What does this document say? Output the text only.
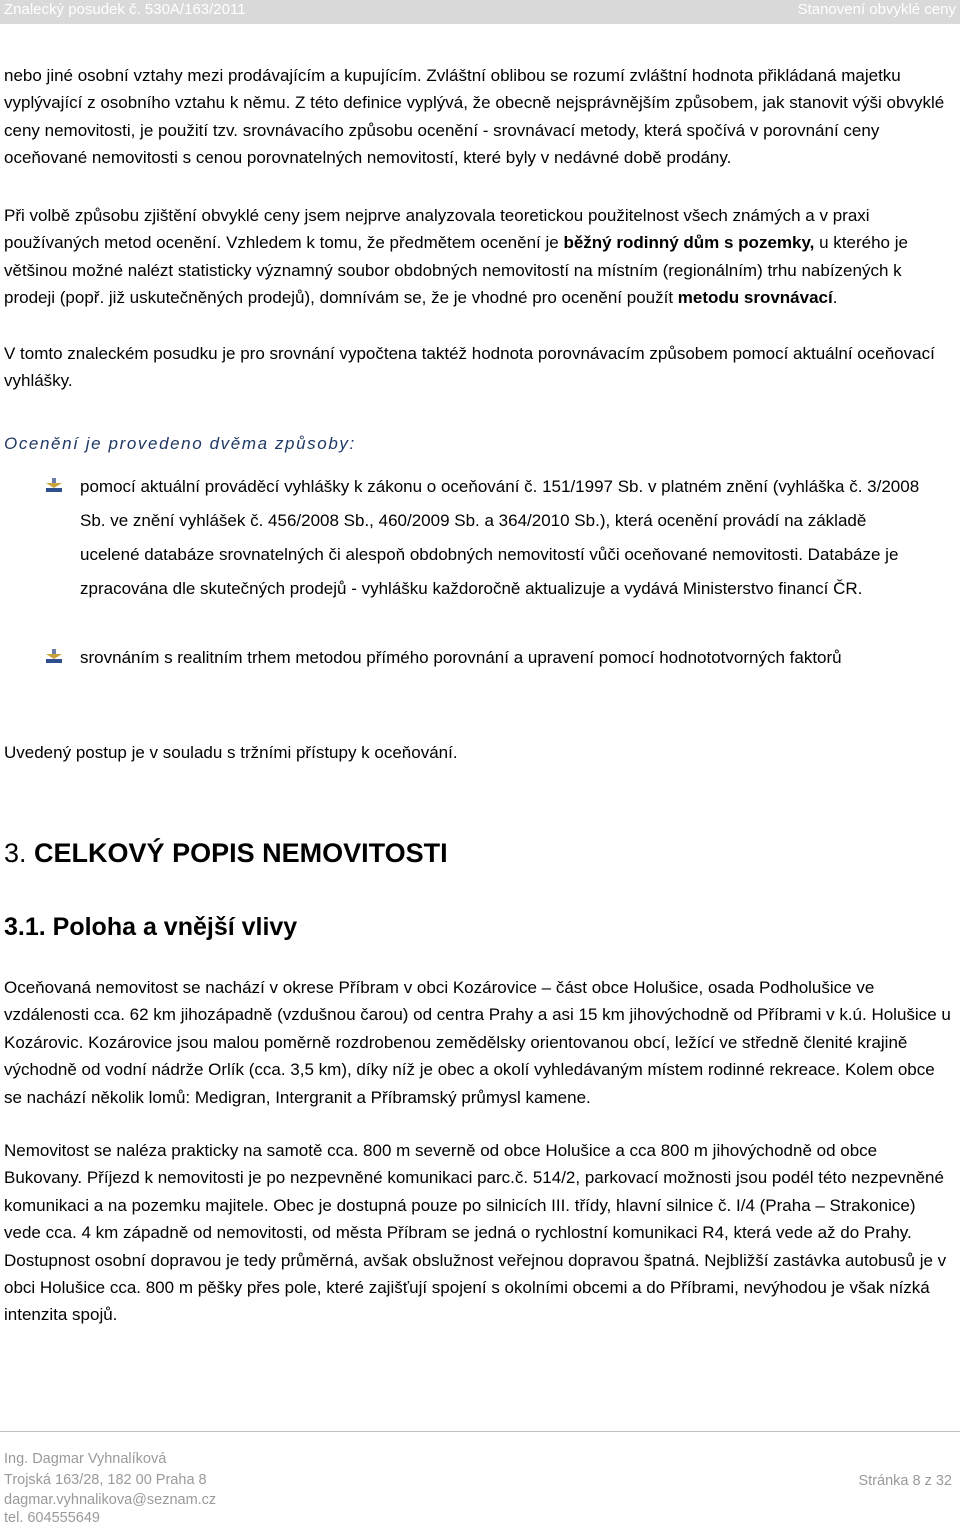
Znalecký posudek č. 530A/163/2011	Stanovení obvyklé ceny
nebo jiné osobní vztahy mezi prodávajícím a kupujícím. Zvláštní oblibou se rozumí zvláštní hodnota přikládaná majetku vyplývající z osobního vztahu k němu. Z této definice vyplývá, že obecně nejsprávnějším způsobem, jak stanovit výši obvyklé ceny nemovitosti, je použití tzv. srovnávacího způsobu ocenění - srovnávací metody, která spočívá v porovnání ceny oceňované nemovitosti s cenou porovnatelných nemovitostí, které byly v nedávné době prodány.
Při volbě způsobu zjištění obvyklé ceny jsem nejprve analyzovala teoretickou použitelnost všech známých a v praxi používaných metod ocenění. Vzhledem k tomu, že předmětem ocenění je běžný rodinný dům s pozemky, u kterého je většinou možné nalézt statisticky významný soubor obdobných nemovitostí na místním (regionálním) trhu nabízených k prodeji (popř. již uskutečněných prodejů), domnívám se, že je vhodné pro ocenění použít metodu srovnávací.
V tomto znaleckém posudku je pro srovnání vypočtena taktéž hodnota porovnávacím způsobem pomocí aktuální oceňovací vyhlášky.
Ocenění je provedeno dvěma způsoby:
pomocí aktuální prováděcí vyhlášky k zákonu o oceňování č. 151/1997 Sb. v platném znění (vyhláška č. 3/2008 Sb. ve znění vyhlášek č. 456/2008 Sb., 460/2009 Sb. a 364/2010 Sb.), která ocenění provádí na základě ucelené databáze srovnatelných či alespoň obdobných nemovitostí vůči oceňované nemovitosti. Databáze je zpracována dle skutečných prodejů - vyhlášku každoročně aktualizuje a vydává Ministerstvo financí ČR.
srovnáním s realitním trhem metodou přímého porovnání a upravení pomocí hodnototvorných faktorů
Uvedený postup je v souladu s tržními přístupy k oceňování.
3. CELKOVÝ POPIS NEMOVITOSTI
3.1. Poloha a vnější vlivy
Oceňovaná nemovitost se nachází v okrese Příbram v obci Kozárovice – část obce Holušice, osada Podholušice ve vzdálenosti cca. 62 km jihozápadně (vzdušnou čarou) od centra Prahy a asi 15 km jihovýchodně od Příbrami v k.ú. Holušice u Kozárovic. Kozárovice jsou malou poměrně rozdrobenou zemědělsky orientovanou obcí, ležící ve středně členité krajině východně od vodní nádrže Orlík (cca. 3,5 km), díky níž je obec a okolí vyhledávaným místem rodinné rekreace. Kolem obce se nachází několik lomů: Medigran, Intergranit a Příbramský průmysl kamene.
Nemovitost se naléza prakticky na samotě cca. 800 m severně od obce Holušice a cca 800 m jihovýchodně od obce Bukovany. Příjezd k nemovitosti je po nezpevněné komunikaci parc.č. 514/2, parkovací možnosti jsou podél této nezpevněné komunikaci a na pozemku majitele. Obec je dostupná pouze po silnicích III. třídy, hlavní silnice č. I/4 (Praha – Strakonice) vede cca. 4 km západně od nemovitosti, od města Příbram se jedná o rychlostní komunikaci R4, která vede až do Prahy. Dostupnost osobní dopravou je tedy průměrná, avšak obslužnost veřejnou dopravou špatná. Nejbližší zastávka autobusů je v obci Holušice cca. 800 m pěšky přes pole, které zajišťují spojení s okolními obcemi a do Příbrami, nevýhodou je však nízká intenzita spojů.
Ing. Dagmar Vyhnalíková
Trojská 163/28, 182 00 Praha 8
dagmar.vyhnalikova@seznam.cz
tel. 604555649
Stránka 8 z 32
